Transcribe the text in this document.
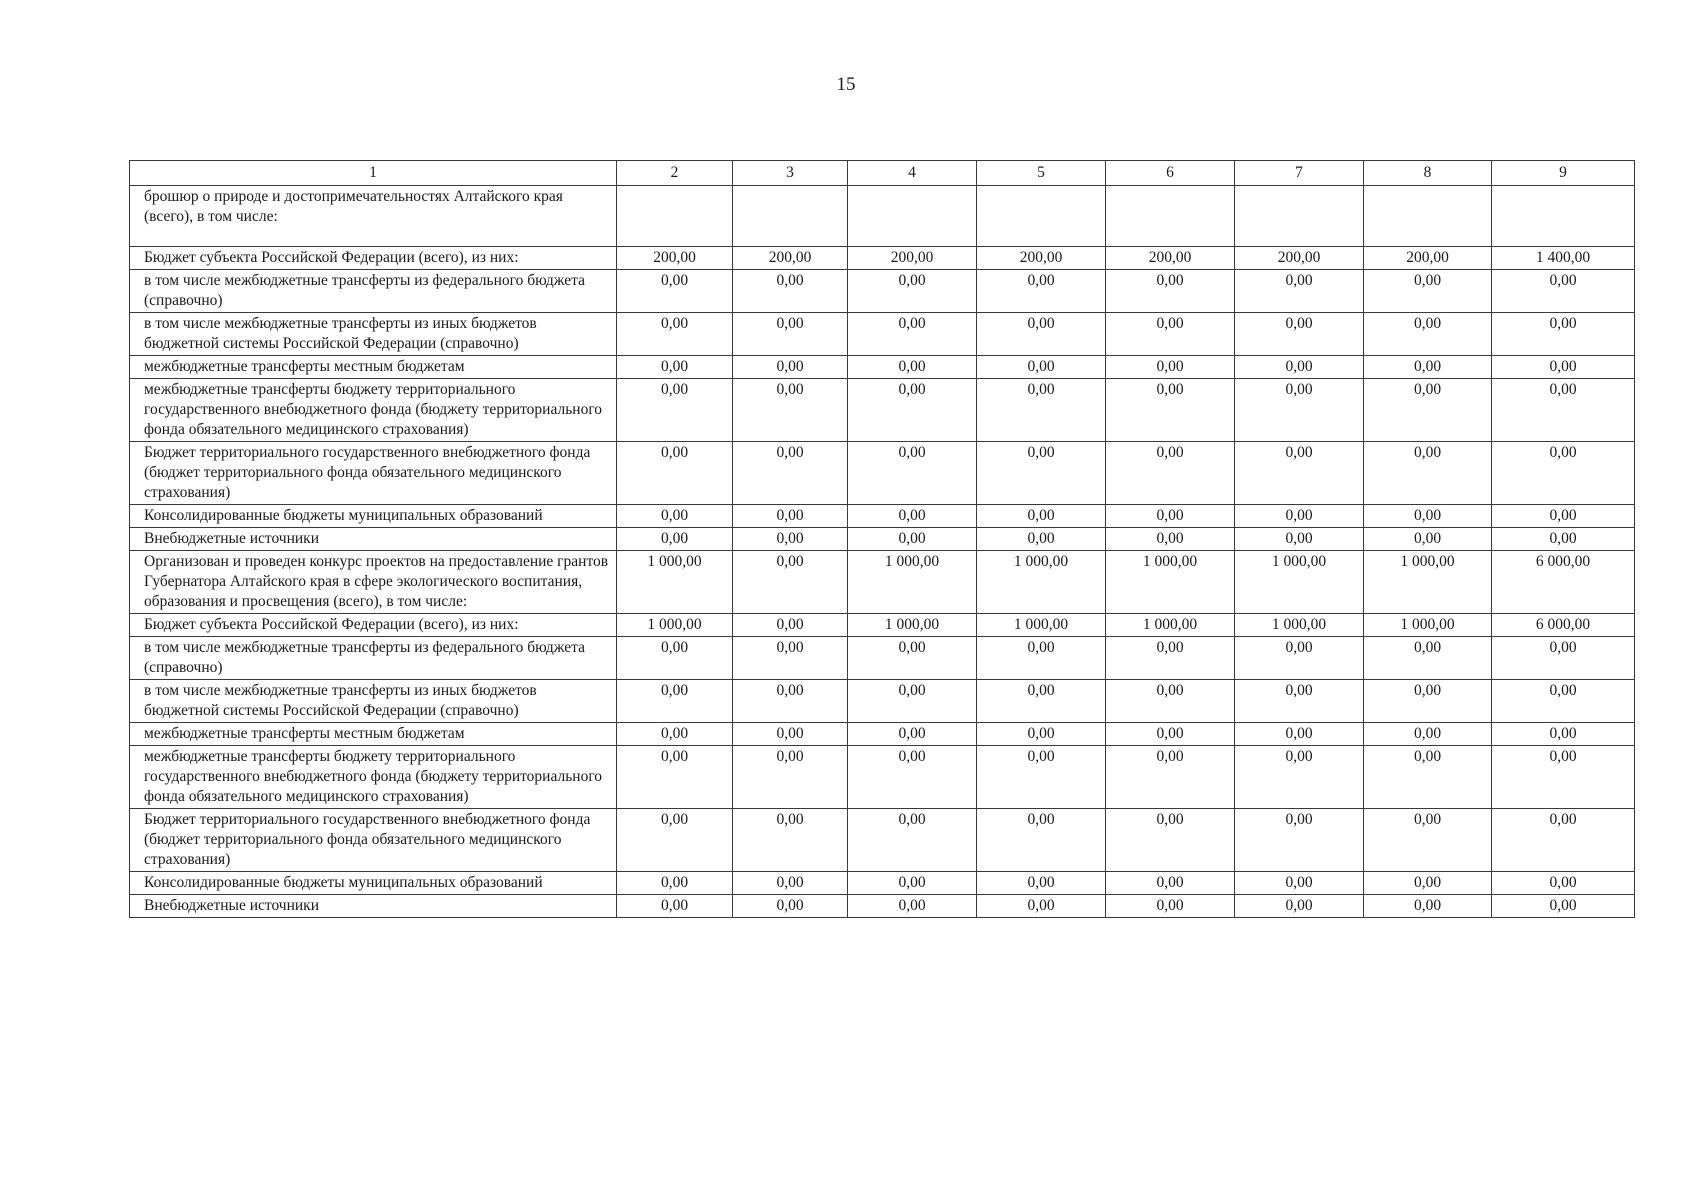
15
1	2	3	4	5	6	7	8	9
брошюр о природе и достопримечательностях Алтайского края (всего), в том числе:								
Бюджет субъекта Российской Федерации (всего), из них:	200,00	200,00	200,00	200,00	200,00	200,00	200,00	1 400,00
в том числе межбюджетные трансферты из федерального бюджета (справочно)	0,00	0,00	0,00	0,00	0,00	0,00	0,00	0,00
в том числе межбюджетные трансферты из иных бюджетов бюджетной системы Российской Федерации (справочно)	0,00	0,00	0,00	0,00	0,00	0,00	0,00	0,00
межбюджетные трансферты местным бюджетам	0,00	0,00	0,00	0,00	0,00	0,00	0,00	0,00
межбюджетные трансферты бюджету территориального государственного внебюджетного фонда (бюджету территориального фонда обязательного медицинского страхования)	0,00	0,00	0,00	0,00	0,00	0,00	0,00	0,00
Бюджет территориального государственного внебюджетного фонда (бюджет территориального фонда обязательного медицинского страхования)	0,00	0,00	0,00	0,00	0,00	0,00	0,00	0,00
Консолидированные бюджеты муниципальных образований	0,00	0,00	0,00	0,00	0,00	0,00	0,00	0,00
Внебюджетные источники	0,00	0,00	0,00	0,00	0,00	0,00	0,00	0,00
Организован и проведен конкурс проектов на предоставление грантов Губернатора Алтайского края в сфере экологического воспитания, образования и просвещения (всего), в том числе:	1 000,00	0,00	1 000,00	1 000,00	1 000,00	1 000,00	1 000,00	6 000,00
Бюджет субъекта Российской Федерации (всего), из них:	1 000,00	0,00	1 000,00	1 000,00	1 000,00	1 000,00	1 000,00	6 000,00
в том числе межбюджетные трансферты из федерального бюджета (справочно)	0,00	0,00	0,00	0,00	0,00	0,00	0,00	0,00
в том числе межбюджетные трансферты из иных бюджетов бюджетной системы Российской Федерации (справочно)	0,00	0,00	0,00	0,00	0,00	0,00	0,00	0,00
межбюджетные трансферты местным бюджетам	0,00	0,00	0,00	0,00	0,00	0,00	0,00	0,00
межбюджетные трансферты бюджету территориального государственного внебюджетного фонда (бюджету территориального фонда обязательного медицинского страхования)	0,00	0,00	0,00	0,00	0,00	0,00	0,00	0,00
Бюджет территориального государственного внебюджетного фонда (бюджет территориального фонда обязательного медицинского страхования)	0,00	0,00	0,00	0,00	0,00	0,00	0,00	0,00
Консолидированные бюджеты муниципальных образований	0,00	0,00	0,00	0,00	0,00	0,00	0,00	0,00
Внебюджетные источники	0,00	0,00	0,00	0,00	0,00	0,00	0,00	0,00
